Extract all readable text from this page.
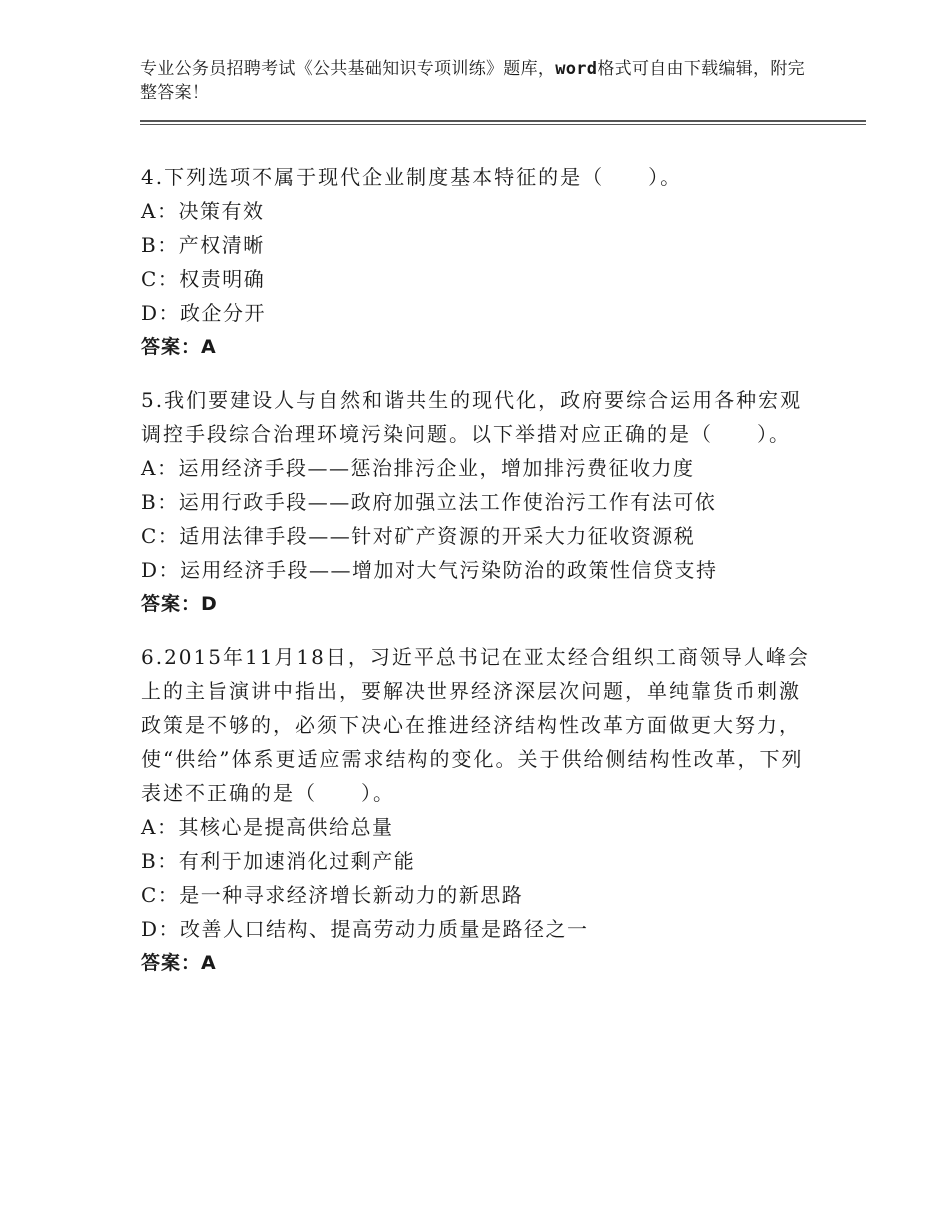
专业公务员招聘考试《公共基础知识专项训练》题库，word格式可自由下载编辑，附完整答案！

4.下列选项不属于现代企业制度基本特征的是（　　）。

A：决策有效

B：产权清晰

C：权责明确

D：政企分开

答案：A

5.我们要建设人与自然和谐共生的现代化，政府要综合运用各种宏观调控手段综合治理环境污染问题。以下举措对应正确的是（　　）。

A：运用经济手段——惩治排污企业，增加排污费征收力度

B：运用行政手段——政府加强立法工作使治污工作有法可依

C：适用法律手段——针对矿产资源的开采大力征收资源税

D：运用经济手段——增加对大气污染防治的政策性信贷支持

答案：D

6.2015年11月18日，习近平总书记在亚太经合组织工商领导人峰会上的主旨演讲中指出，要解决世界经济深层次问题，单纯靠货币刺激政策是不够的，必须下决心在推进经济结构性改革方面做更大努力，使“供给”体系更适应需求结构的变化。关于供给侧结构性改革，下列表述不正确的是（　　）。

A：其核心是提高供给总量

B：有利于加速消化过剩产能

C：是一种寻求经济增长新动力的新思路

D：改善人口结构、提高劳动力质量是路径之一

答案：A
